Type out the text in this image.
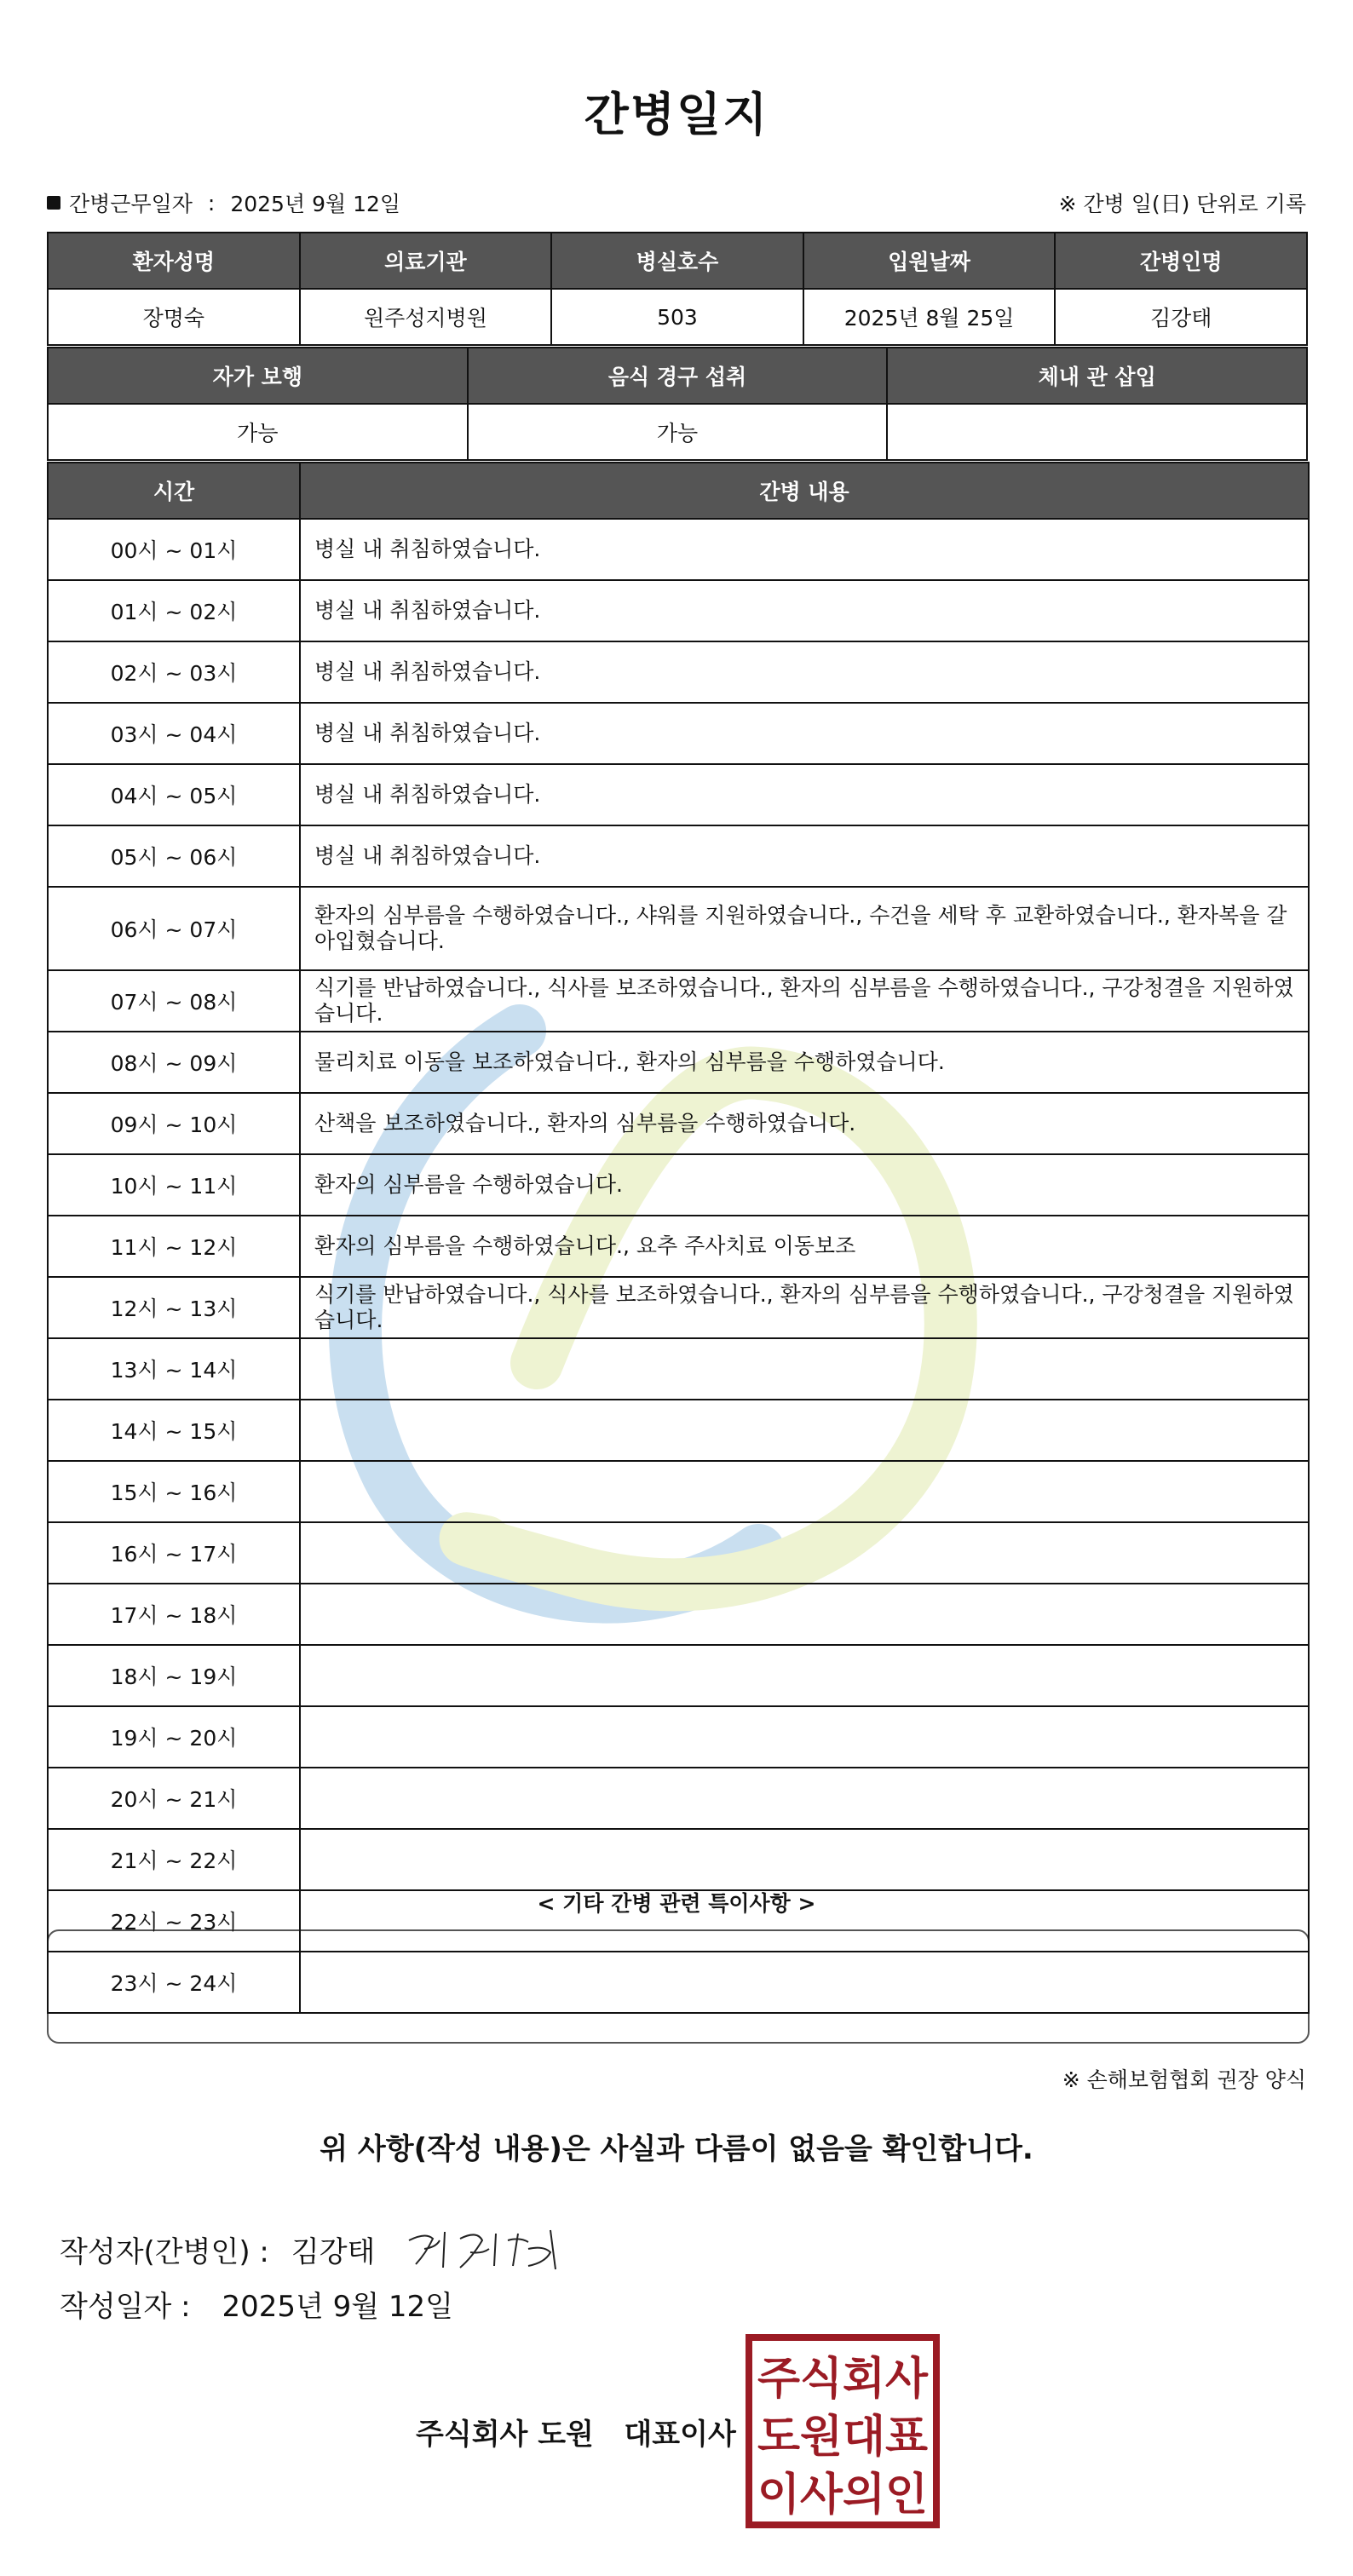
간병일지
간병근무일자 : 2025년 9월 12일	※ 간병 일(日) 단위로 기록
환자성명	의료기관	병실호수	입원날짜	간병인명
장명숙	원주성지병원	503	2025년 8월 25일	김강태
자가 보행	음식 경구 섭취	체내 관 삽입
가능	가능	
시간	간병 내용
00시 ~ 01시	병실 내 취침하였습니다.
01시 ~ 02시	병실 내 취침하였습니다.
02시 ~ 03시	병실 내 취침하였습니다.
03시 ~ 04시	병실 내 취침하였습니다.
04시 ~ 05시	병실 내 취침하였습니다.
05시 ~ 06시	병실 내 취침하였습니다.
06시 ~ 07시	환자의 심부름을 수행하였습니다., 샤워를 지원하였습니다., 수건을 세탁 후 교환하였습니다., 환자복을 갈아입혔습니다.
07시 ~ 08시	식기를 반납하였습니다., 식사를 보조하였습니다., 환자의 심부름을 수행하였습니다., 구강청결을 지원하였습니다.
08시 ~ 09시	물리치료 이동을 보조하였습니다., 환자의 심부름을 수행하였습니다.
09시 ~ 10시	산책을 보조하였습니다., 환자의 심부름을 수행하였습니다.
10시 ~ 11시	환자의 심부름을 수행하였습니다.
11시 ~ 12시	환자의 심부름을 수행하였습니다., 요추 주사치료 이동보조
12시 ~ 13시	식기를 반납하였습니다., 식사를 보조하였습니다., 환자의 심부름을 수행하였습니다., 구강청결을 지원하였습니다.
13시 ~ 14시	
14시 ~ 15시	
15시 ~ 16시	
16시 ~ 17시	
17시 ~ 18시	
18시 ~ 19시	
19시 ~ 20시	
20시 ~ 21시	
21시 ~ 22시	
22시 ~ 23시	
23시 ~ 24시	
< 기타 간병 관련 특이사항 >
※ 손해보험협회 권장 양식
위 사항(작성 내용)은 사실과 다름이 없음을 확인합니다.
작성자(간병인) : 김강태
작성일자 : 2025년 9월 12일
주식회사 도원   대표이사
주식회사
도원대표
이사의인
